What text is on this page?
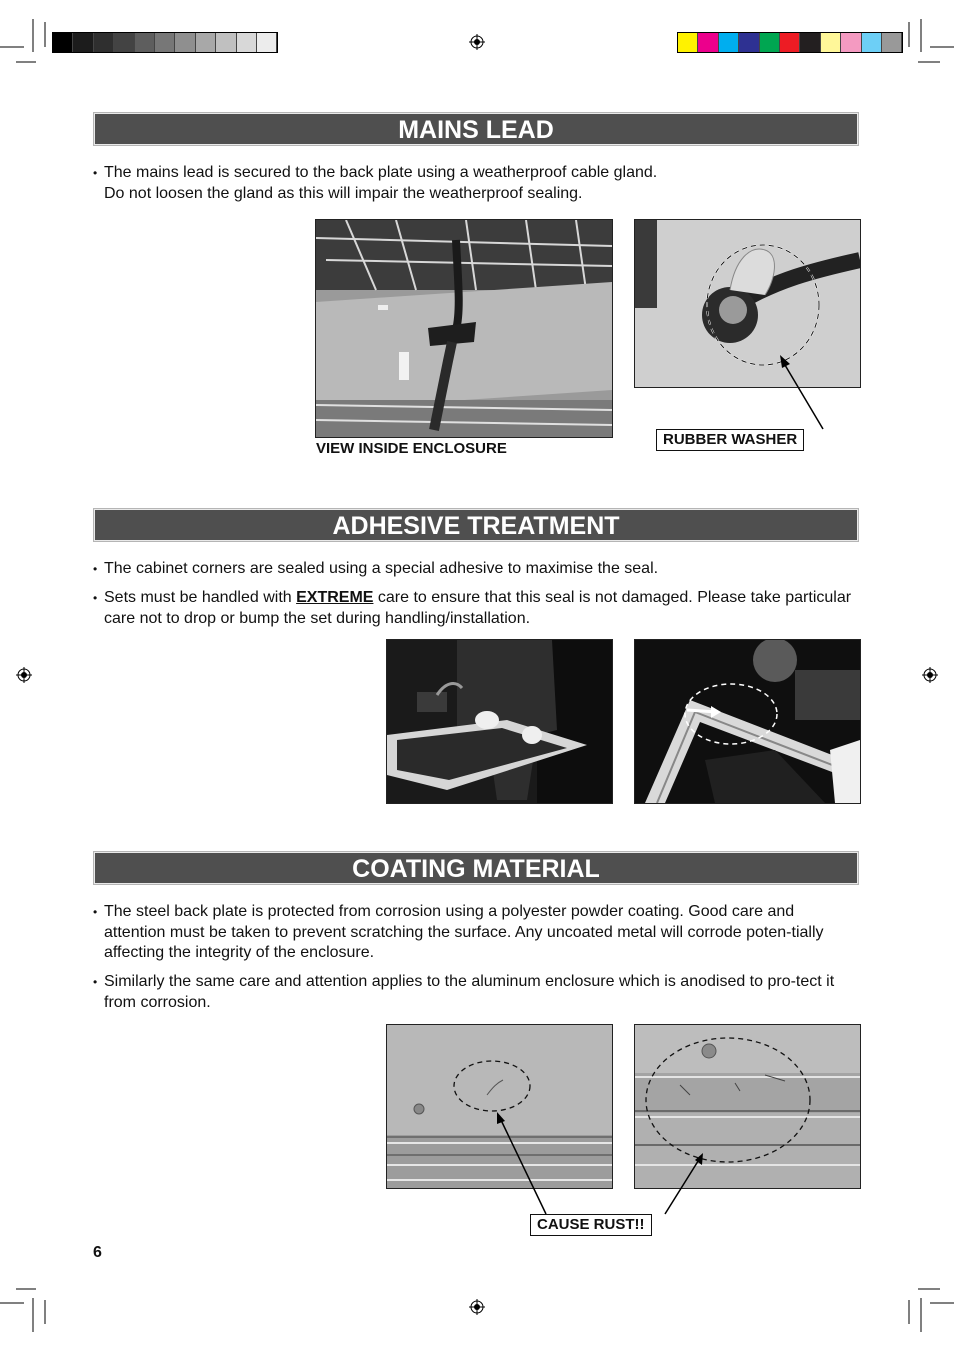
MAINS LEAD
• The mains lead is secured to the back plate using a weatherproof cable gland.
Do not loosen the gland as this will impair the weatherproof sealing.
VIEW INSIDE ENCLOSURE
RUBBER WASHER
ADHESIVE TREATMENT
• The cabinet corners are sealed using a special adhesive to maximise the seal.
• Sets must be handled with EXTREME care to ensure that this seal is not damaged. Please take particular care not to drop or bump the set during handling/installation.
COATING MATERIAL
• The steel back plate is protected from corrosion using a polyester powder coating. Good care and attention must be taken to prevent scratching the surface. Any uncoated metal will corrode poten-tially affecting the integrity of the enclosure.
• Similarly the same care and attention applies to the aluminum enclosure which is anodised to pro-tect it from corrosion.
CAUSE RUST!!
6
